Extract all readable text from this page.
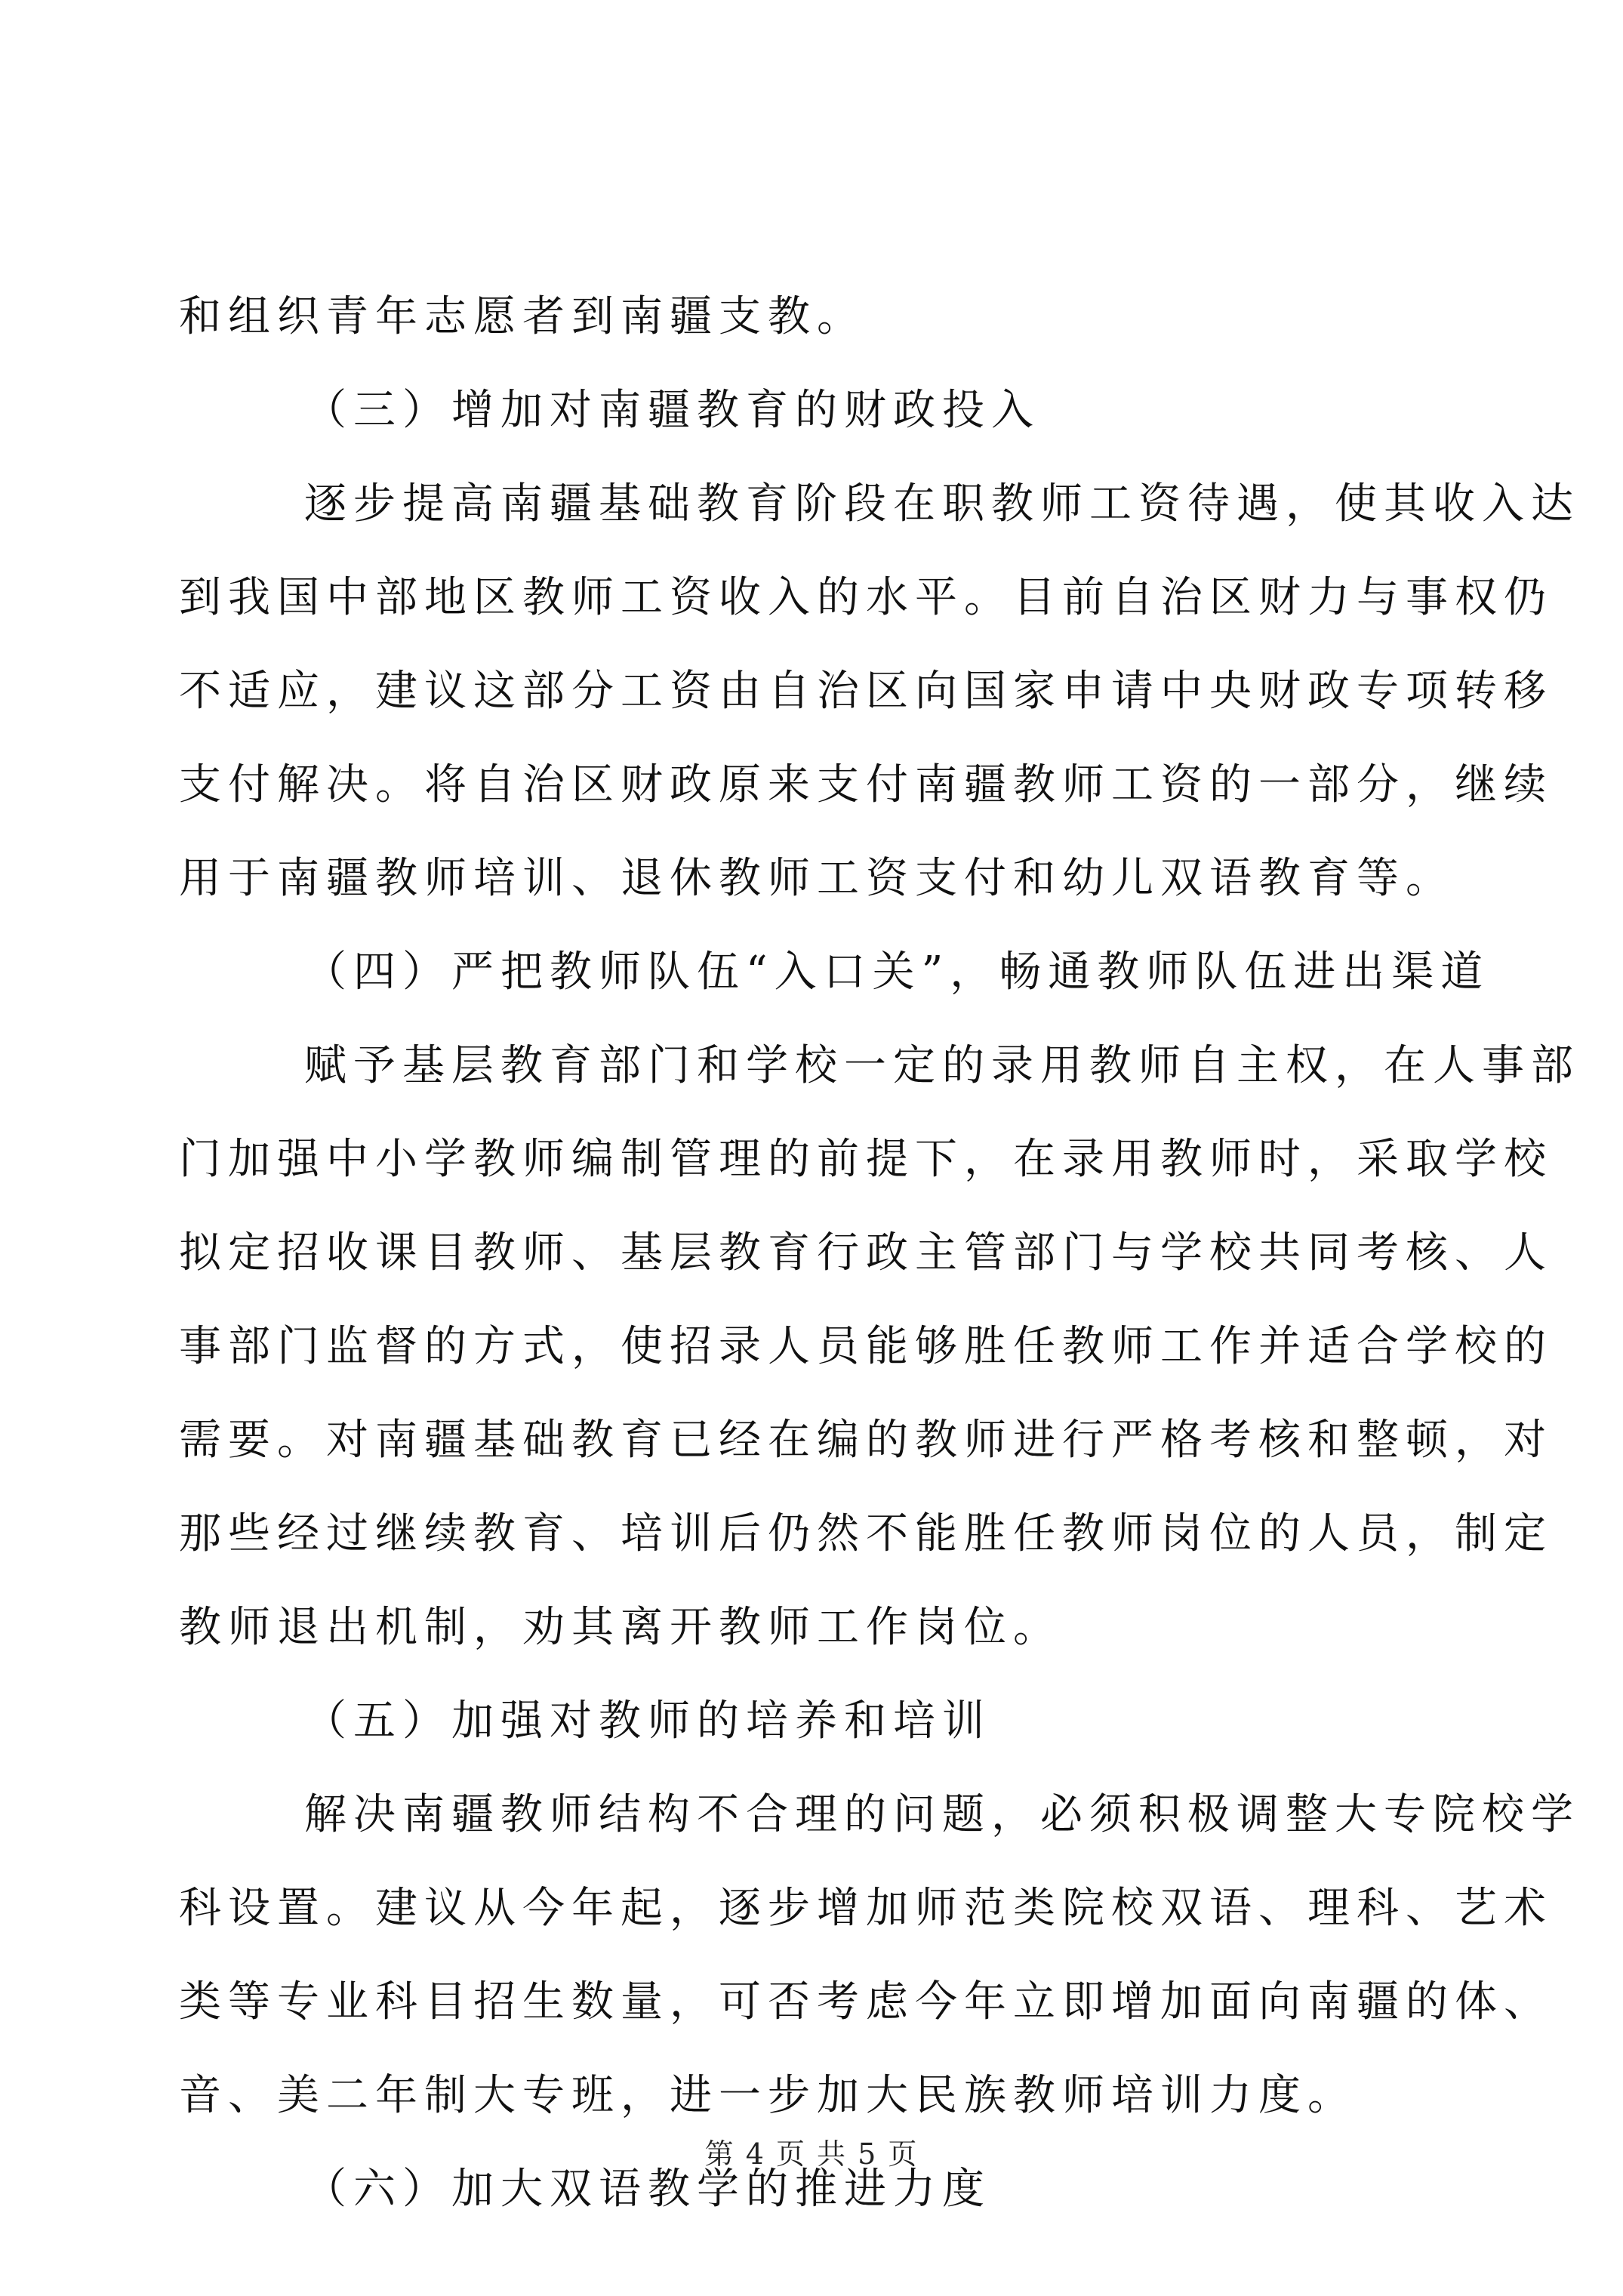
和组织青年志愿者到南疆支教。
（三）增加对南疆教育的财政投入
逐步提高南疆基础教育阶段在职教师工资待遇，使其收入达
到我国中部地区教师工资收入的水平。目前自治区财力与事权仍
不适应，建议这部分工资由自治区向国家申请中央财政专项转移
支付解决。将自治区财政原来支付南疆教师工资的一部分，继续
用于南疆教师培训、退休教师工资支付和幼儿双语教育等。
（四）严把教师队伍“入口关”，畅通教师队伍进出渠道
赋予基层教育部门和学校一定的录用教师自主权，在人事部
门加强中小学教师编制管理的前提下，在录用教师时，采取学校
拟定招收课目教师、基层教育行政主管部门与学校共同考核、人
事部门监督的方式，使招录人员能够胜任教师工作并适合学校的
需要。对南疆基础教育已经在编的教师进行严格考核和整顿，对
那些经过继续教育、培训后仍然不能胜任教师岗位的人员，制定
教师退出机制，劝其离开教师工作岗位。
（五）加强对教师的培养和培训
解决南疆教师结构不合理的问题，必须积极调整大专院校学
科设置。建议从今年起，逐步增加师范类院校双语、理科、艺术
类等专业科目招生数量，可否考虑今年立即增加面向南疆的体、
音、美二年制大专班，进一步加大民族教师培训力度。
（六）加大双语教学的推进力度
第 4 页 共 5 页
